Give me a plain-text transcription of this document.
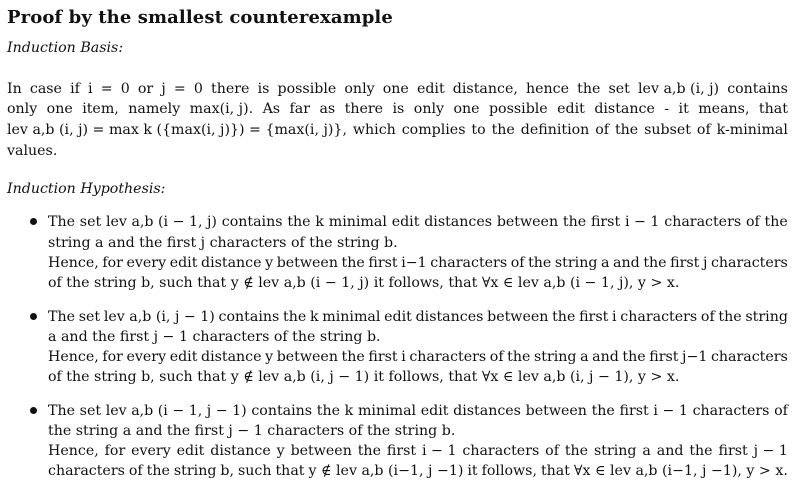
Proof by the smallest counterexample
Induction Basis:
In case if i = 0 or j = 0 there is possible only one edit distance, hence the set lev a,b (i, j) contains
only one item, namely max(i, j). As far as there is only one possible edit distance - it means, that
lev a,b (i, j) = max k ({max(i, j)}) = {max(i, j)}, which complies to the definition of the subset of k-minimal
values.
Induction Hypothesis:
The set lev a,b (i − 1, j) contains the k minimal edit distances between the first i − 1 characters of the
string a and the first j characters of the string b.
Hence, for every edit distance y between the first i−1 characters of the string a and the first j characters
of the string b, such that y ∉ lev a,b (i − 1, j) it follows, that ∀x ∈ lev a,b (i − 1, j), y > x.
The set lev a,b (i, j − 1) contains the k minimal edit distances between the first i characters of the string
a and the first j − 1 characters of the string b.
Hence, for every edit distance y between the first i characters of the string a and the first j−1 characters
of the string b, such that y ∉ lev a,b (i, j − 1) it follows, that ∀x ∈ lev a,b (i, j − 1), y > x.
The set lev a,b (i − 1, j − 1) contains the k minimal edit distances between the first i − 1 characters of
the string a and the first j − 1 characters of the string b.
Hence, for every edit distance y between the first i − 1 characters of the string a and the first j − 1
characters of the string b, such that y ∉ lev a,b (i−1, j −1) it follows, that ∀x ∈ lev a,b (i−1, j −1), y > x.
